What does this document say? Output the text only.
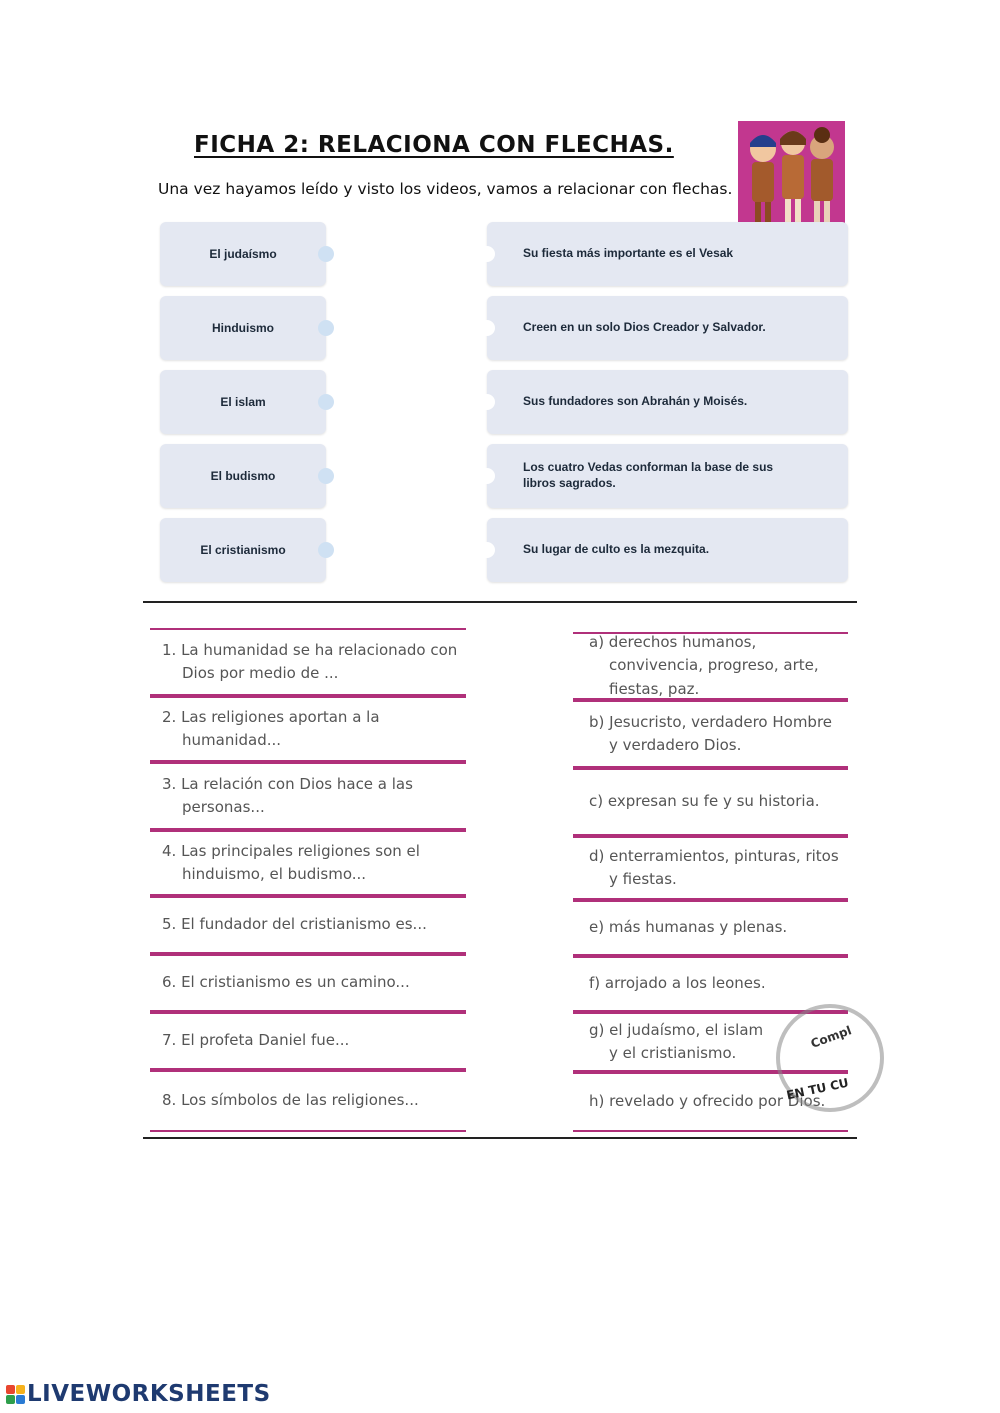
FICHA 2: RELACIONA CON FLECHAS.
Una vez hayamos leído y visto los videos, vamos a relacionar con flechas.
El judaísmo
Hinduismo
El islam
El budismo
El cristianismo
Su fiesta más importante es el Vesak
Creen en un solo Dios Creador y Salvador.
Sus fundadores son Abrahán y Moisés.
Los cuatro Vedas conforman la base de sus libros sagrados.
Su lugar de culto es la mezquita.
1. La humanidad se ha relacionado con Dios por medio de ...
2. Las religiones aportan a la humanidad...
3. La relación con Dios hace a las personas...
4. Las principales religiones son el hinduismo, el budismo...
5. El fundador del cristianismo es...
6. El cristianismo es un camino...
7. El profeta Daniel fue...
8. Los símbolos de las religiones...
a) derechos humanos, convivencia, progreso, arte, fiestas, paz.
b) Jesucristo, verdadero Hombre y verdadero Dios.
c) expresan su fe y su historia.
d) enterramientos, pinturas, ritos y fiestas.
e) más humanas y plenas.
f) arrojado a los leones.
g) el judaísmo, el islam y el cristianismo.
h) revelado y ofrecido por Dios.
Compl
EN TU CU
LIVEWORKSHEETS
